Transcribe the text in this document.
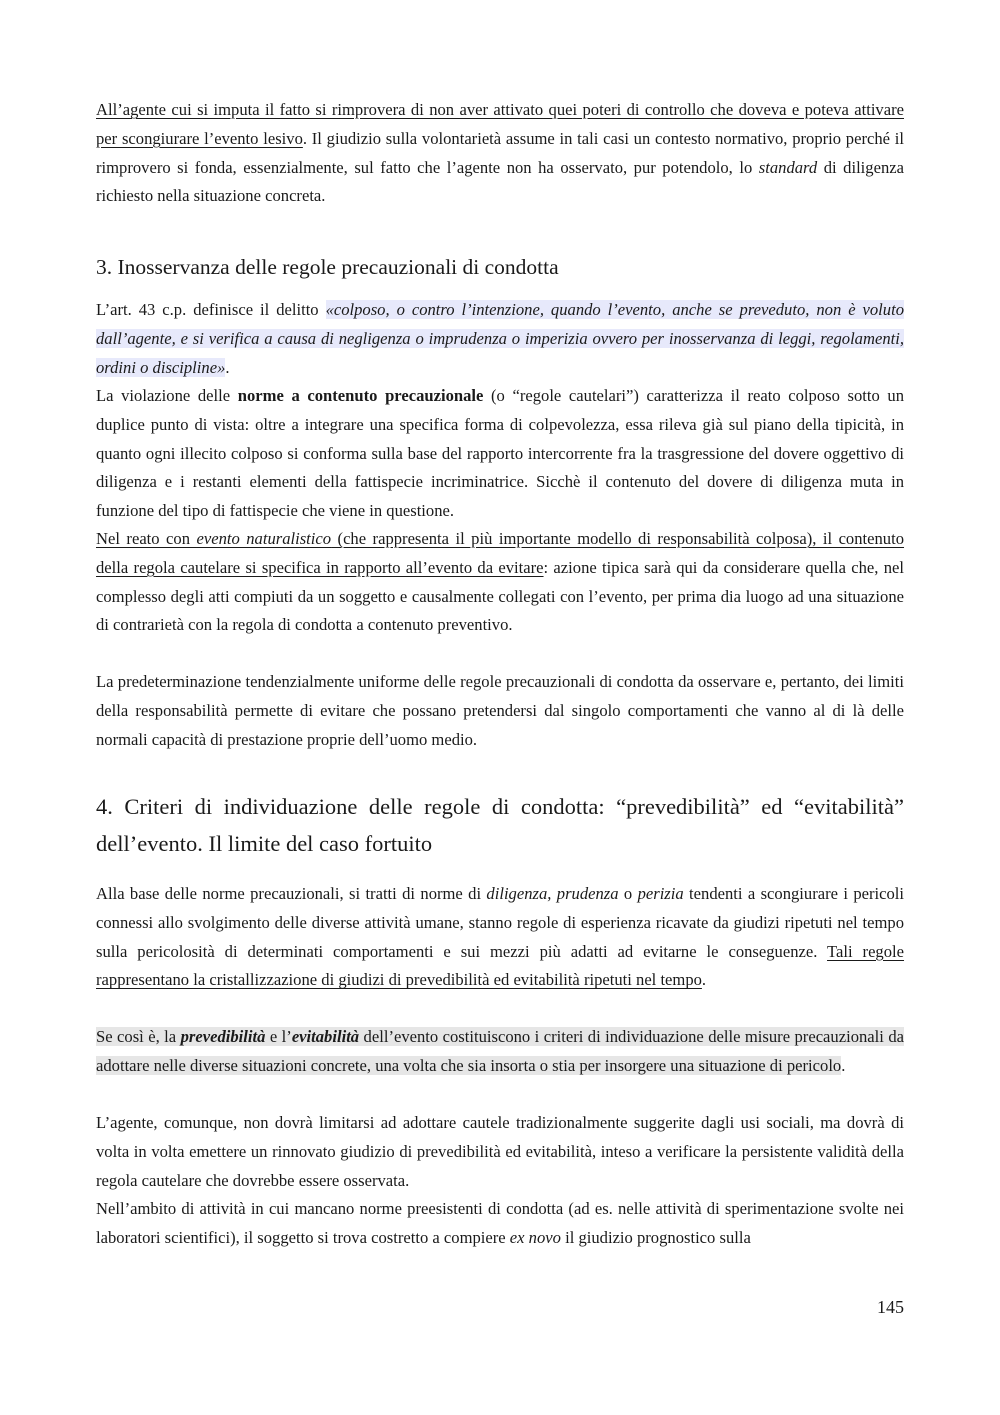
All’agente cui si imputa il fatto si rimprovera di non aver attivato quei poteri di controllo che doveva e poteva attivare per scongiurare l’evento lesivo. Il giudizio sulla volontarietà assume in tali casi un contesto normativo, proprio perché il rimprovero si fonda, essenzialmente, sul fatto che l’agente non ha osservato, pur potendolo, lo standard di diligenza richiesto nella situazione concreta.

3. Inosservanza delle regole precauzionali di condotta

L’art. 43 c.p. definisce il delitto «colposo, o contro l’intenzione, quando l’evento, anche se preveduto, non è voluto dall’agente, e si verifica a causa di negligenza o imprudenza o imperizia ovvero per inosservanza di leggi, regolamenti, ordini o discipline».

La violazione delle norme a contenuto precauzionale (o “regole cautelari”) caratterizza il reato colposo sotto un duplice punto di vista: oltre a integrare una specifica forma di colpevolezza, essa rileva già sul piano della tipicità, in quanto ogni illecito colposo si conforma sulla base del rapporto intercorrente fra la trasgressione del dovere oggettivo di diligenza e i restanti elementi della fattispecie incriminatrice. Sicchè il contenuto del dovere di diligenza muta in funzione del tipo di fattispecie che viene in questione.

Nel reato con evento naturalistico (che rappresenta il più importante modello di responsabilità colposa), il contenuto della regola cautelare si specifica in rapporto all’evento da evitare: azione tipica sarà qui da considerare quella che, nel complesso degli atti compiuti da un soggetto e causalmente collegati con l’evento, per prima dia luogo ad una situazione di contrarietà con la regola di condotta a contenuto preventivo.

La predeterminazione tendenzialmente uniforme delle regole precauzionali di condotta da osservare e, pertanto, dei limiti della responsabilità permette di evitare che possano pretendersi dal singolo comportamenti che vanno al di là delle normali capacità di prestazione proprie dell’uomo medio.

4. Criteri di individuazione delle regole di condotta: “prevedibilità” ed “evitabilità” dell’evento. Il limite del caso fortuito

Alla base delle norme precauzionali, si tratti di norme di diligenza, prudenza o perizia tendenti a scongiurare i pericoli connessi allo svolgimento delle diverse attività umane, stanno regole di esperienza ricavate da giudizi ripetuti nel tempo sulla pericolosità di determinati comportamenti e sui mezzi più adatti ad evitarne le conseguenze. Tali regole rappresentano la cristallizzazione di giudizi di prevedibilità ed evitabilità ripetuti nel tempo.

Se così è, la prevedibilità e l’evitabilità dell’evento costituiscono i criteri di individuazione delle misure precauzionali da adottare nelle diverse situazioni concrete, una volta che sia insorta o stia per insorgere una situazione di pericolo.

L’agente, comunque, non dovrà limitarsi ad adottare cautele tradizionalmente suggerite dagli usi sociali, ma dovrà di volta in volta emettere un rinnovato giudizio di prevedibilità ed evitabilità, inteso a verificare la persistente validità della regola cautelare che dovrebbe essere osservata.

Nell’ambito di attività in cui mancano norme preesistenti di condotta (ad es. nelle attività di sperimentazione svolte nei laboratori scientifici), il soggetto si trova costretto a compiere ex novo il giudizio prognostico sulla

145
